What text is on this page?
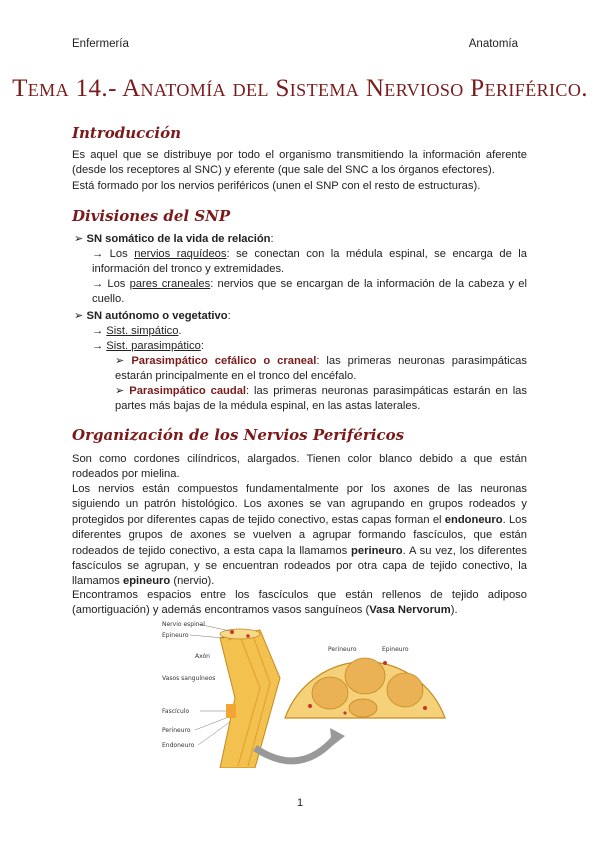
Enfermería	Anatomía
Tema 14.- Anatomía del Sistema Nervioso Periférico.
Introducción
Es aquel que se distribuye por todo el organismo transmitiendo la información aferente (desde los receptores al SNC) y eferente (que sale del SNC a los órganos efectores).
Está formado por los nervios periféricos (unen el SNP con el resto de estructuras).
Divisiones del SNP
➢ SN somático de la vida de relación:
→ Los nervios raquídeos: se conectan con la médula espinal, se encarga de la información del tronco y extremidades.
→ Los pares craneales: nervios que se encargan de la información de la cabeza y el cuello.
➢ SN autónomo o vegetativo:
→ Sist. simpático.
→ Sist. parasimpático:
➢ Parasimpático cefálico o craneal: las primeras neuronas parasimpáticas estarán principalmente en el tronco del encéfalo.
➢ Parasimpático caudal: las primeras neuronas parasimpáticas estarán en las partes más bajas de la médula espinal, en las astas laterales.
Organización de los Nervios Periféricos
Son como cordones cilíndricos, alargados. Tienen color blanco debido a que están rodeados por mielina.
Los nervios están compuestos fundamentalmente por los axones de las neuronas siguiendo un patrón histológico. Los axones se van agrupando en grupos rodeados y protegidos por diferentes capas de tejido conectivo, estas capas forman el endoneuro. Los diferentes grupos de axones se vuelven a agrupar formando fascículos, que están rodeados de tejido conectivo, a esta capa la llamamos perineuro. A su vez, los diferentes fascículos se agrupan, y se encuentran rodeados por otra capa de tejido conectivo, la llamamos epineuro (nervio).
Encontramos espacios entre los fascículos que están rellenos de tejido adiposo (amortiguación) y además encontramos vasos sanguíneos (Vasa Nervorum).
Nervio espinal
Epineuro
Axón
Vasos sanguíneos
Fascículo
Perineuro
Endoneuro
Perineuro	Epineuro
1
